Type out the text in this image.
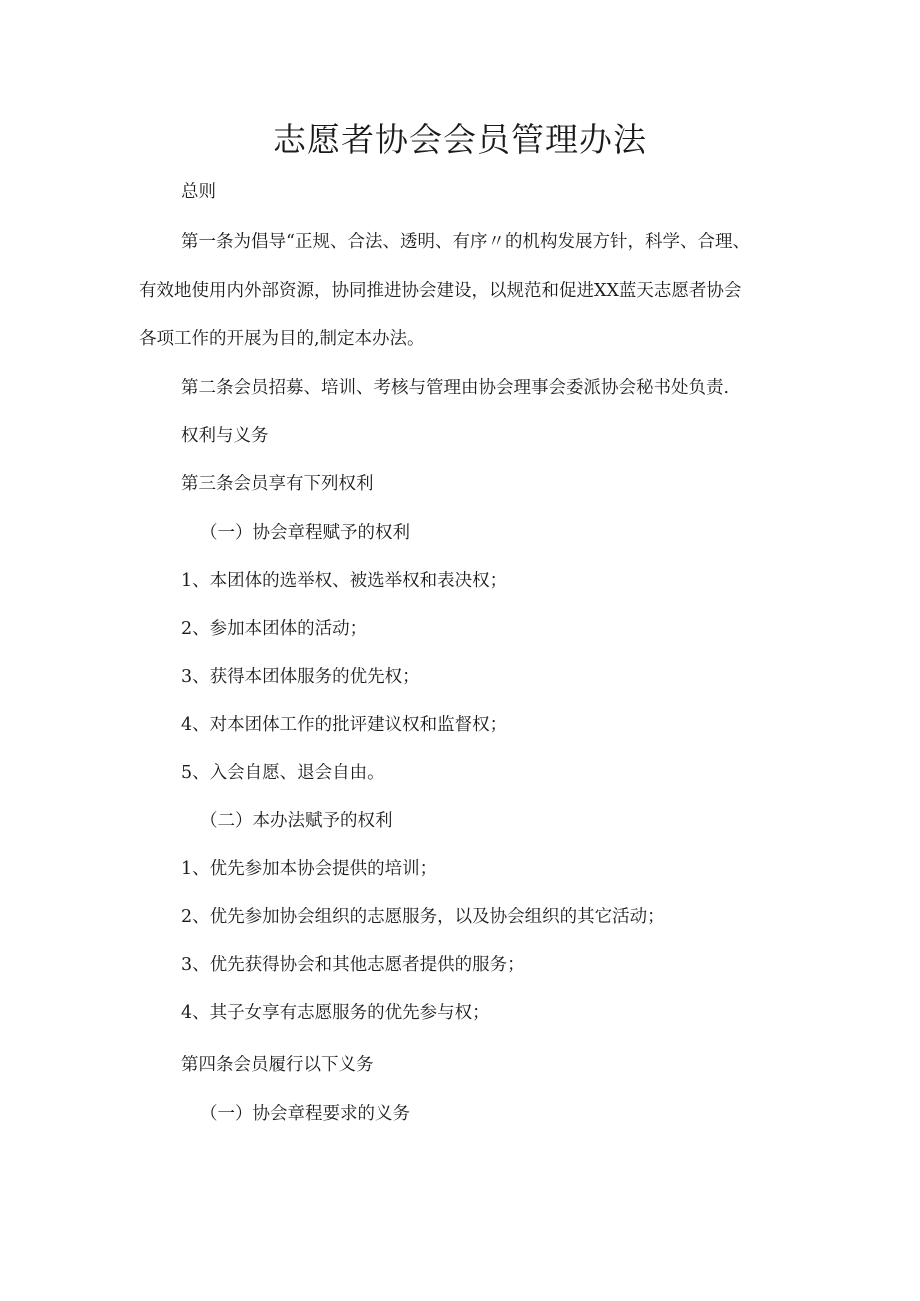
志愿者协会会员管理办法

总则

第一条为倡导“正规、合法、透明、有序〃的机构发展方针，科学、合理、

有效地使用内外部资源，协同推进协会建设，以规范和促进XX蓝天志愿者协会

各项工作的开展为目的,制定本办法。

第二条会员招募、培训、考核与管理由协会理事会委派协会秘书处负责.

权利与义务

第三条会员享有下列权利

（一）协会章程赋予的权利

1、本团体的选举权、被选举权和表决权；

2、参加本团体的活动；

3、获得本团体服务的优先权；

4、对本团体工作的批评建议权和监督权；

5、入会自愿、退会自由。

（二）本办法赋予的权利

1、优先参加本协会提供的培训；

2、优先参加协会组织的志愿服务，以及协会组织的其它活动；

3、优先获得协会和其他志愿者提供的服务；

4、其子女享有志愿服务的优先参与权；

第四条会员履行以下义务

（一）协会章程要求的义务
